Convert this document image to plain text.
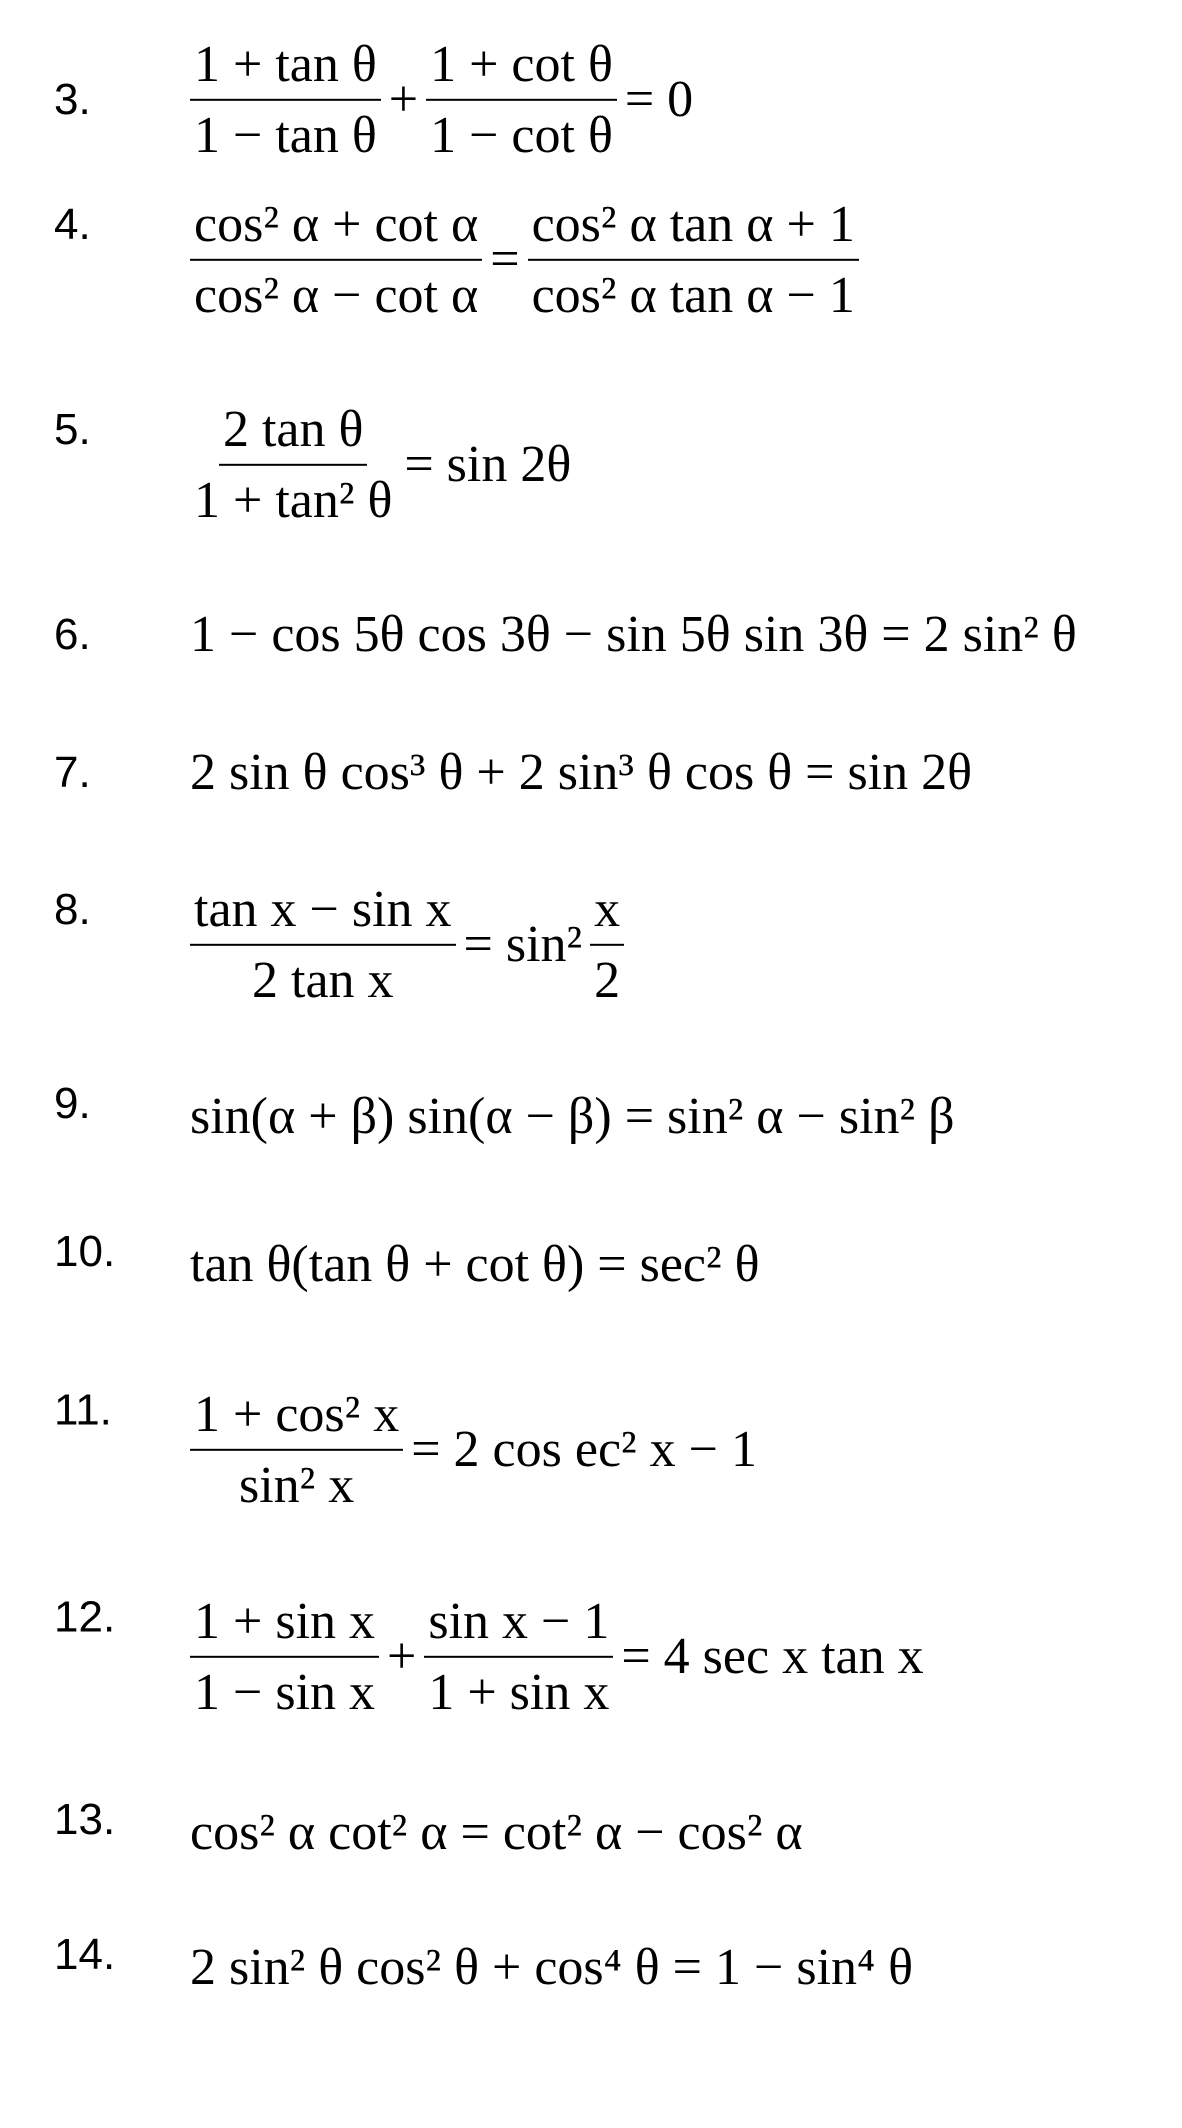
3. $\frac{\text{1 + tan θ}}{\text{1 − tan θ}} + \frac{\text{1 + cot θ}}{\text{1 − cot θ}} = 0$
4. $\frac{\text{cos² α + cot α}}{\text{cos² α − cot α}} = \frac{\text{cos² α tan α + 1}}{\text{cos² α tan α − 1}}$
5. $\frac{\text{2 tan θ}}{\text{1 + tan² θ}} = \sin 2\theta$
6. 1 − cos 5θ cos 3θ − sin 5θ sin 3θ = 2 sin² θ
7. 2 sin θ cos³ θ + 2 sin³ θ cos θ = sin 2θ
8. $\frac{\text{tan x − sin x}}{\text{2 tan x}} = \sin^2 \frac{x}{2}$
9. sin(α + β) sin(α − β) = sin² α − sin² β
10. tan θ(tan θ + cot θ) = sec² θ
11. $\frac{\text{1 + cos² x}}{\text{sin² x}} = 2$ cos ec² x − 1
12. $\frac{\text{1 + sin x}}{\text{1 − sin x}} + \frac{\text{sin x − 1}}{\text{1 + sin x}} = 4$ sec x tan x
13. cos² α cot² α = cot² α − cos² α
14. 2 sin² θ cos² θ + cos⁴ θ = 1 − sin⁴ θ
